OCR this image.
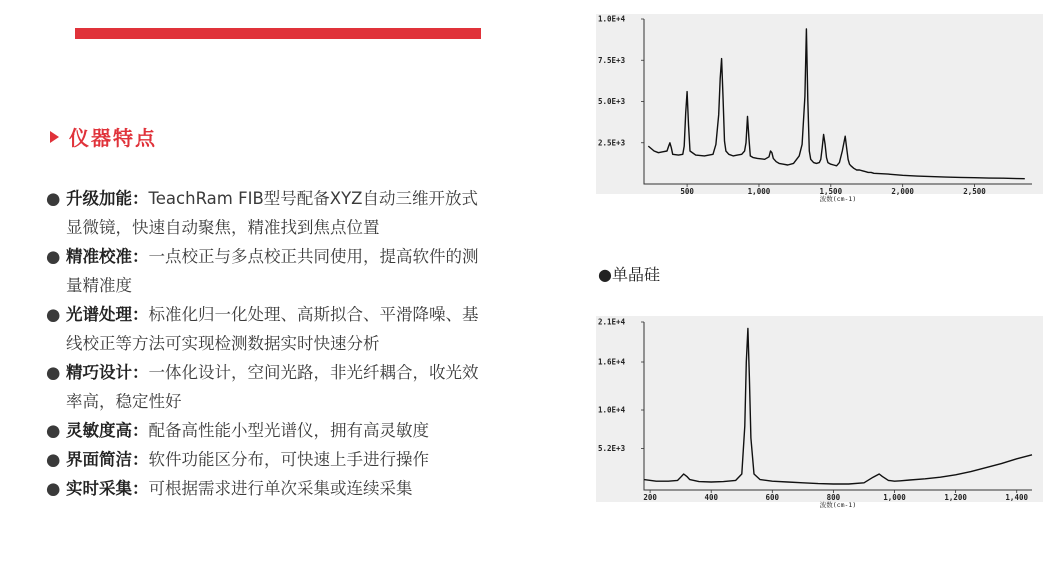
仪器特点
● 升级加能：TeachRam FIB型号配备XYZ自动三维开放式显微镜，快速自动聚焦，精准找到焦点位置
● 精准校准：一点校正与多点校正共同使用，提高软件的测量精准度
● 光谱处理：标准化归一化处理、高斯拟合、平滑降噪、基线校正等方法可实现检测数据实时快速分析
● 精巧设计：一体化设计，空间光路，非光纤耦合，收光效率高，稳定性好
● 灵敏度高：配备高性能小型光谱仪，拥有高灵敏度
● 界面简洁：软件功能区分布，可快速上手进行操作
● 实时采集：可根据需求进行单次采集或连续采集
2.5E+3
5.0E+3
7.5E+3
1.0E+4
500	1,000	1,500	2,000	2,500
波数(cm-1)
●单晶硅
5.2E+3
1.0E+4
1.6E+4
2.1E+4
200	400	600	800	1,000	1,200	1,400
波数(cm-1)
